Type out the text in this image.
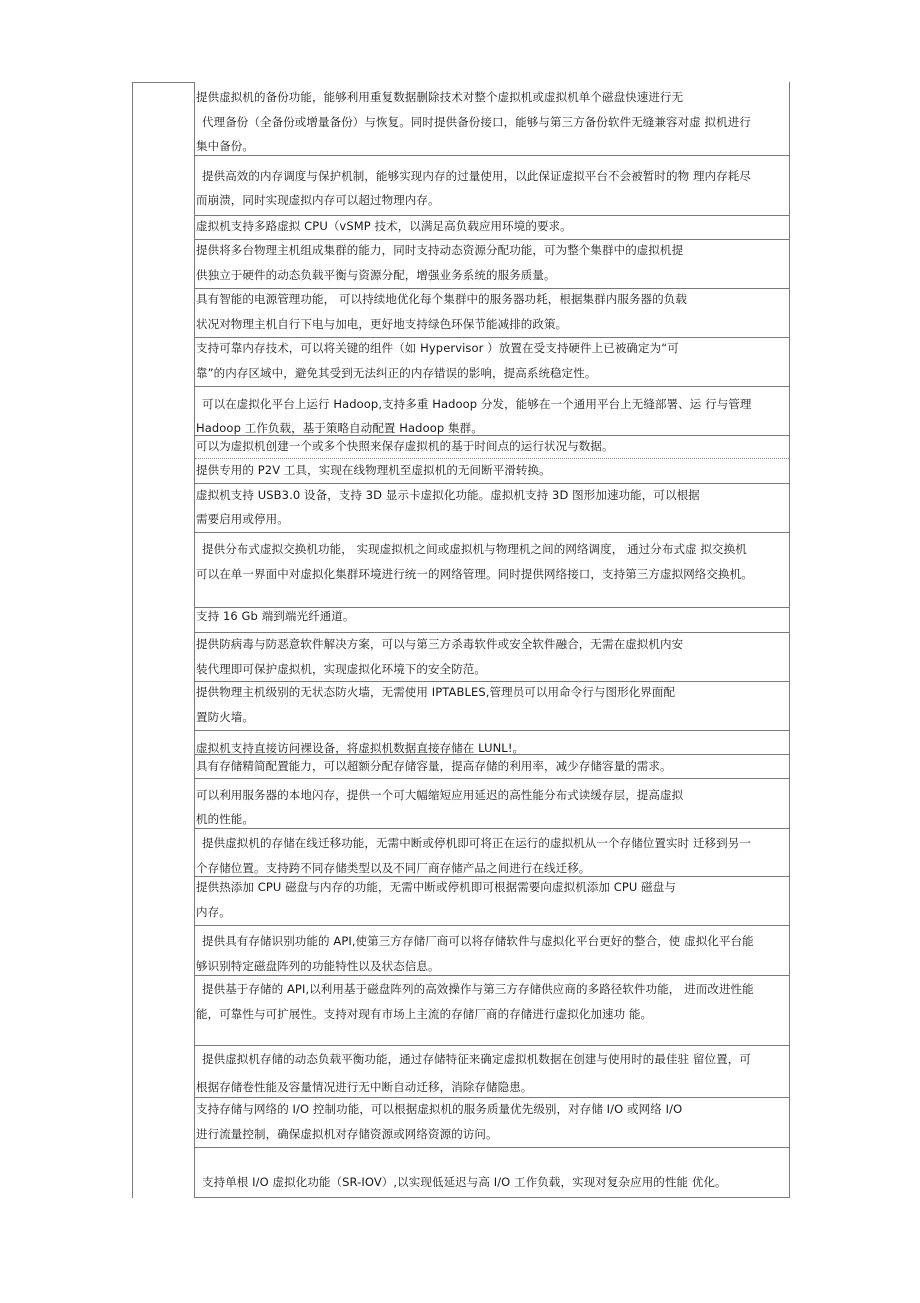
提供虚拟机的备份功能，能够利用重复数据删除技术对整个虚拟机或虚拟机单个磁盘快速进行无
代理备份（全备份或增量备份）与恢复。同时提供备份接口，能够与第三方备份软件无缝兼容对虚 拟机进行
集中备份。
提供高效的内存调度与保护机制，能够实现内存的过量使用，以此保证虚拟平台不会被暂时的物 理内存耗尽
而崩溃，同时实现虚拟内存可以超过物理内存。
虚拟机支持多路虚拟 CPU（vSMP 技术，以满足高负载应用环境的要求。
提供将多台物理主机组成集群的能力，同时支持动态资源分配功能，可为整个集群中的虚拟机提
供独立于硬件的动态负载平衡与资源分配，增强业务系统的服务质量。
具有智能的电源管理功能， 可以持续地优化每个集群中的服务器功耗，根据集群内服务器的负载
状况对物理主机自行下电与加电，更好地支持绿色环保节能减排的政策。
支持可靠内存技术，可以将关键的组件（如 Hypervisor ）放置在受支持硬件上已被确定为“可
靠”的内存区域中，避免其受到无法纠正的内存错误的影响，提高系统稳定性。
可以在虚拟化平台上运行 Hadoop,支持多重 Hadoop 分发，能够在一个通用平台上无缝部署、运 行与管理
Hadoop 工作负载，基于策略自动配置 Hadoop 集群。
可以为虚拟机创建一个或多个快照来保存虚拟机的基于时间点的运行状况与数据。
提供专用的 P2V 工具，实现在线物理机至虚拟机的无间断平滑转换。
虚拟机支持 USB3.0 设备，支持 3D 显示卡虚拟化功能。虚拟机支持 3D 图形加速功能，可以根据
需要启用或停用。
提供分布式虚拟交换机功能， 实现虚拟机之间或虚拟机与物理机之间的网络调度， 通过分布式虚 拟交换机
可以在单一界面中对虚拟化集群环境进行统一的网络管理。同时提供网络接口，支持第三方虚拟网络交换机。
支持 16 Gb 端到端光纤通道。
提供防病毒与防恶意软件解决方案，可以与第三方杀毒软件或安全软件融合，无需在虚拟机内安
装代理即可保护虚拟机，实现虚拟化环境下的安全防范。
提供物理主机级别的无状态防火墙，无需使用 IPTABLES,管理员可以用命令行与图形化界面配
置防火墙。
虚拟机支持直接访问裸设备，将虚拟机数据直接存储在 LUNL!。
具有存储精简配置能力，可以超额分配存储容量，提高存储的利用率，减少存储容量的需求。
可以利用服务器的本地闪存，提供一个可大幅缩短应用延迟的高性能分布式读缓存层，提高虚拟
机的性能。
提供虚拟机的存储在线迁移功能，无需中断或停机即可将正在运行的虚拟机从一个存储位置实时 迁移到另一
个存储位置。支持跨不同存储类型以及不同厂商存储产品之间进行在线迁移。
提供热添加 CPU 磁盘与内存的功能，无需中断或停机即可根据需要向虚拟机添加 CPU 磁盘与
内存。
提供具有存储识别功能的 API,使第三方存储厂商可以将存储软件与虚拟化平台更好的整合，使 虚拟化平台能
够识别特定磁盘阵列的功能特性以及状态信息。
提供基于存储的 API,以利用基于磁盘阵列的高效操作与第三方存储供应商的多路径软件功能， 进而改进性能
能，可靠性与可扩展性。支持对现有市场上主流的存储厂商的存储进行虚拟化加速功 能。
提供虚拟机存储的动态负载平衡功能，通过存储特征来确定虚拟机数据在创建与使用时的最佳驻 留位置，可
根据存储卷性能及容量情况进行无中断自动迁移，消除存储隐患。
支持存储与网络的 I/O 控制功能，可以根据虚拟机的服务质量优先级别，对存储 I/O 或网络 I/O
进行流量控制，确保虚拟机对存储资源或网络资源的访问。
支持单根 I/O 虚拟化功能（SR-IOV）,以实现低延迟与高 I/O 工作负载，实现对复杂应用的性能 优化。
